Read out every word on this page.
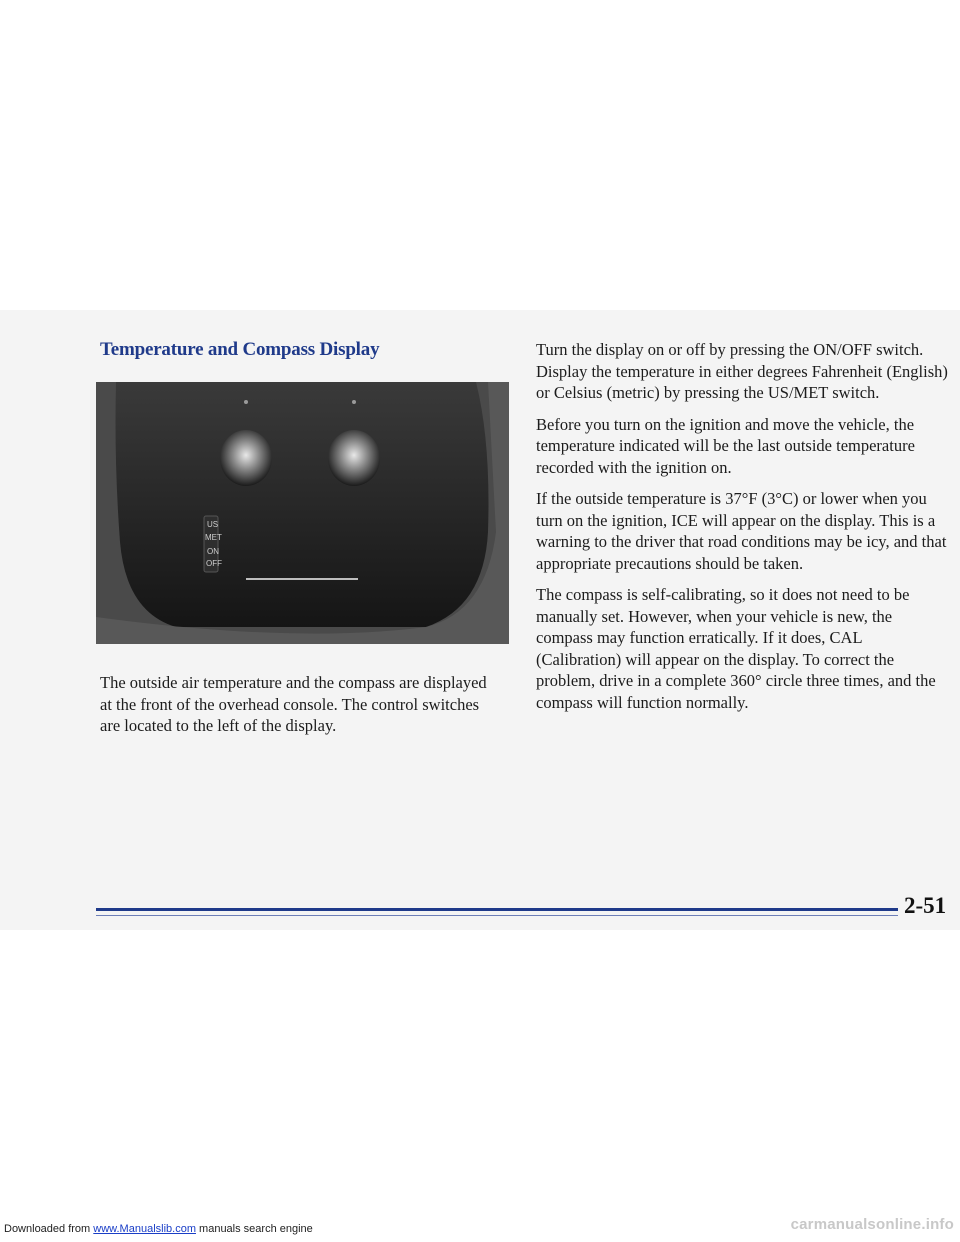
Temperature and Compass Display
US
MET
ON
OFF

The outside air temperature and the compass are displayed at the front of the overhead console. The control switches are located to the left of the display.

Turn the display on or off by pressing the ON/OFF switch. Display the temperature in either degrees Fahrenheit (English) or Celsius (metric) by pressing the US/MET switch.

Before you turn on the ignition and move the vehicle, the temperature indicated will be the last outside temperature recorded with the ignition on.

If the outside temperature is 37°F (3°C) or lower when you turn on the ignition, ICE will appear on the display. This is a warning to the driver that road conditions may be icy, and that appropriate precautions should be taken.

The compass is self-calibrating, so it does not need to be manually set. However, when your vehicle is new, the compass may function erratically. If it does, CAL (Calibration) will appear on the display. To correct the problem, drive in a complete 360° circle three times, and the compass will function normally.

2-51
Downloaded from www.Manualslib.com manuals search engine	carmanualsonline.info
